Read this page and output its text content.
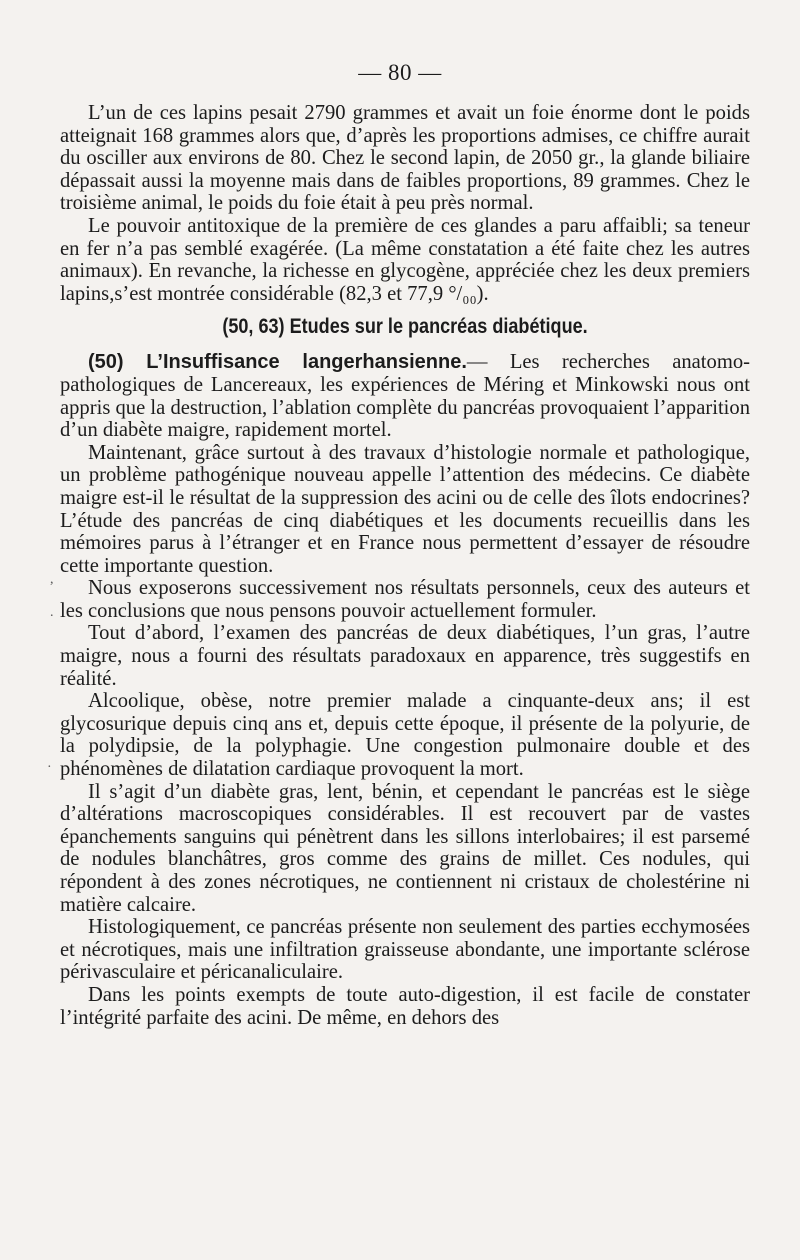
— 80 —

L’un de ces lapins pesait 2790 grammes et avait un foie énorme dont le poids atteignait 168 grammes alors que, d’après les proportions admises, ce chiffre aurait du osciller aux environs de 80. Chez le second lapin, de 2050 gr., la glande biliaire dépassait aussi la moyenne mais dans de faibles proportions, 89 grammes. Chez le troisième animal, le poids du foie était à peu près normal.

Le pouvoir antitoxique de la première de ces glandes a paru affaibli; sa teneur en fer n’a pas semblé exagérée. (La même constatation a été faite chez les autres animaux). En revanche, la richesse en glycogène, appréciée chez les deux premiers lapins,s’est montrée considérable (82,3 et 77,9 °/₀₀).

(50, 63) Etudes sur le pancréas diabétique.

(50) L’Insuffisance langerhansienne.— Les recherches anatomo-pathologiques de Lancereaux, les expériences de Méring et Minkowski nous ont appris que la destruction, l’ablation complète du pancréas provoquaient l’apparition d’un diabète maigre, rapidement mortel.

Maintenant, grâce surtout à des travaux d’histologie normale et pathologique, un problème pathogénique nouveau appelle l’attention des médecins. Ce diabète maigre est-il le résultat de la suppression des acini ou de celle des îlots endocrines? L’étude des pancréas de cinq diabétiques et les documents recueillis dans les mémoires parus à l’étranger et en France nous permettent d’essayer de résoudre cette importante question.

Nous exposerons successivement nos résultats personnels, ceux des auteurs et les conclusions que nous pensons pouvoir actuellement formuler.

Tout d’abord, l’examen des pancréas de deux diabétiques, l’un gras, l’autre maigre, nous a fourni des résultats paradoxaux en apparence, très suggestifs en réalité.

Alcoolique, obèse, notre premier malade a cinquante-deux ans; il est glycosurique depuis cinq ans et, depuis cette époque, il présente de la polyurie, de la polydipsie, de la polyphagie. Une congestion pulmonaire double et des phénomènes de dilatation cardiaque provoquent la mort.

Il s’agit d’un diabète gras, lent, bénin, et cependant le pancréas est le siège d’altérations macroscopiques considérables. Il est recouvert par de vastes épanchements sanguins qui pénètrent dans les sillons interlobaires; il est parsemé de nodules blanchâtres, gros comme des grains de millet. Ces nodules, qui répondent à des zones nécrotiques, ne contiennent ni cristaux de cholestérine ni matière calcaire.

Histologiquement, ce pancréas présente non seulement des parties ecchymosées et nécrotiques, mais une infiltration graisseuse abondante, une importante sclérose périvasculaire et péricanaliculaire.

Dans les points exempts de toute auto-digestion, il est facile de constater l’intégrité parfaite des acini. De même, en dehors des

,
.
·
